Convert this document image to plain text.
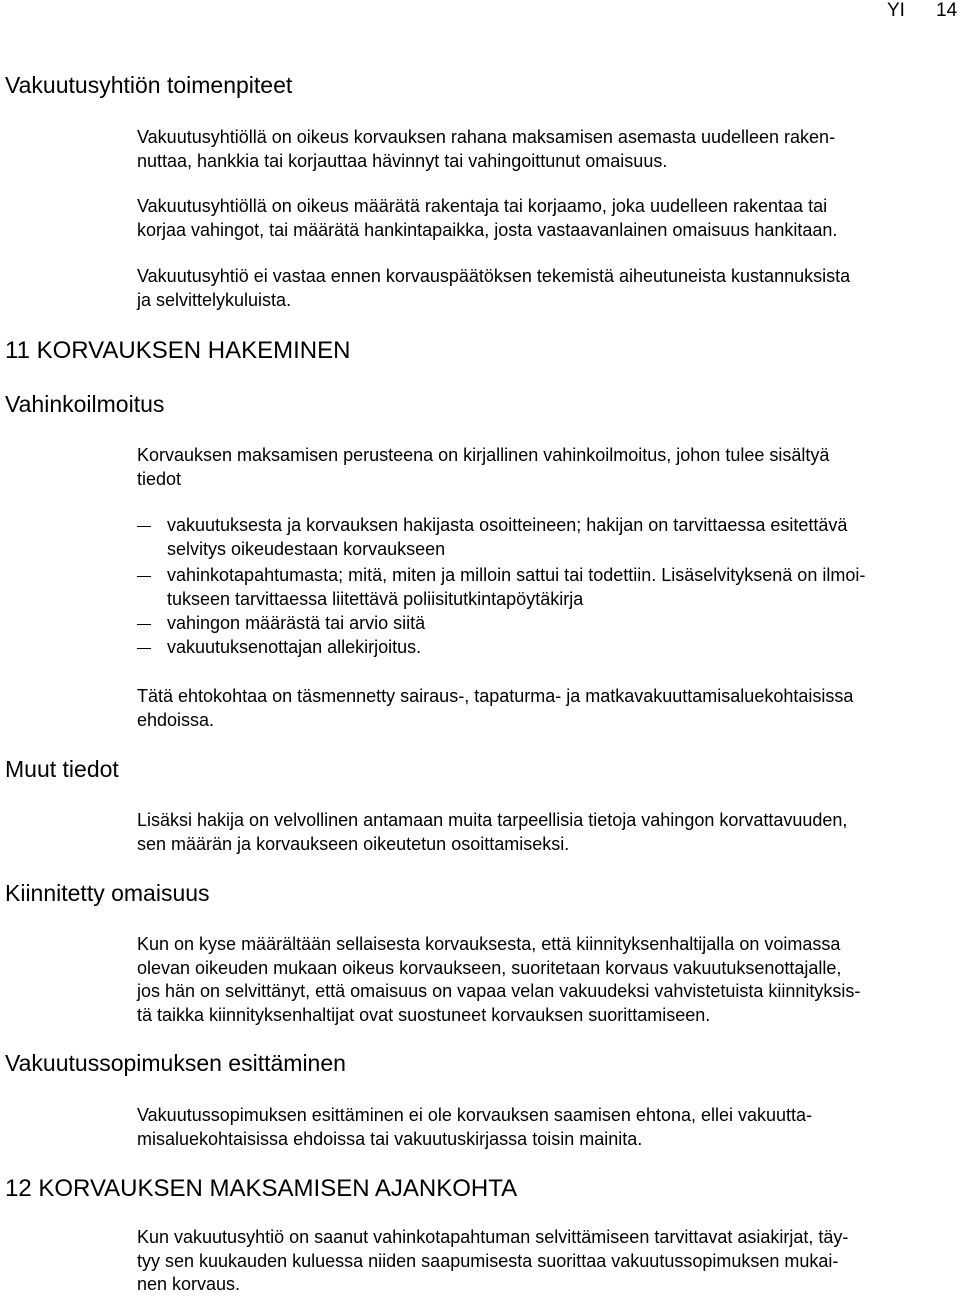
YI 14
Vakuutusyhtiön toimenpiteet

Vakuutusyhtiöllä on oikeus korvauksen rahana maksamisen asemasta uudelleen raken-
nuttaa, hankkia tai korjauttaa hävinnyt tai vahingoittunut omaisuus.

Vakuutusyhtiöllä on oikeus määrätä rakentaja tai korjaamo, joka uudelleen rakentaa tai
korjaa vahingot, tai määrätä hankintapaikka, josta vastaavanlainen omaisuus hankitaan.

Vakuutusyhtiö ei vastaa ennen korvauspäätöksen tekemistä aiheutuneista kustannuksista
ja selvittelykuluista.

11 KORVAUKSEN HAKEMINEN
Vahinkoilmoitus

Korvauksen maksamisen perusteena on kirjallinen vahinkoilmoitus, johon tulee sisältyä
tiedot

vakuutuksesta ja korvauksen hakijasta osoitteineen; hakijan on tarvittaessa esitettävä
selvitys oikeudestaan korvaukseen
vahinkotapahtumasta; mitä, miten ja milloin sattui tai todettiin. Lisäselvityksenä on ilmoi-
tukseen tarvittaessa liitettävä poliisitutkintapöytäkirja
vahingon määrästä tai arvio siitä
vakuutuksenottajan allekirjoitus.

Tätä ehtokohtaa on täsmennetty sairaus-, tapaturma- ja matkavakuuttamisaluekohtaisissa
ehdoissa.

Muut tiedot

Lisäksi hakija on velvollinen antamaan muita tarpeellisia tietoja vahingon korvattavuuden,
sen määrän ja korvaukseen oikeutetun osoittamiseksi.

Kiinnitetty omaisuus

Kun on kyse määrältään sellaisesta korvauksesta, että kiinnityksenhaltijalla on voimassa
olevan oikeuden mukaan oikeus korvaukseen, suoritetaan korvaus vakuutuksenottajalle,
jos hän on selvittänyt, että omaisuus on vapaa velan vakuudeksi vahvistetuista kiinnityksis-
tä taikka kiinnityksenhaltijat ovat suostuneet korvauksen suorittamiseen.

Vakuutussopimuksen esittäminen

Vakuutussopimuksen esittäminen ei ole korvauksen saamisen ehtona, ellei vakuutta-
misaluekohtaisissa ehdoissa tai vakuutuskirjassa toisin mainita.

12 KORVAUKSEN MAKSAMISEN AJANKOHTA

Kun vakuutusyhtiö on saanut vahinkotapahtuman selvittämiseen tarvittavat asiakirjat, täy-
tyy sen kuukauden kuluessa niiden saapumisesta suorittaa vakuutussopimuksen mukai-
nen korvaus.
